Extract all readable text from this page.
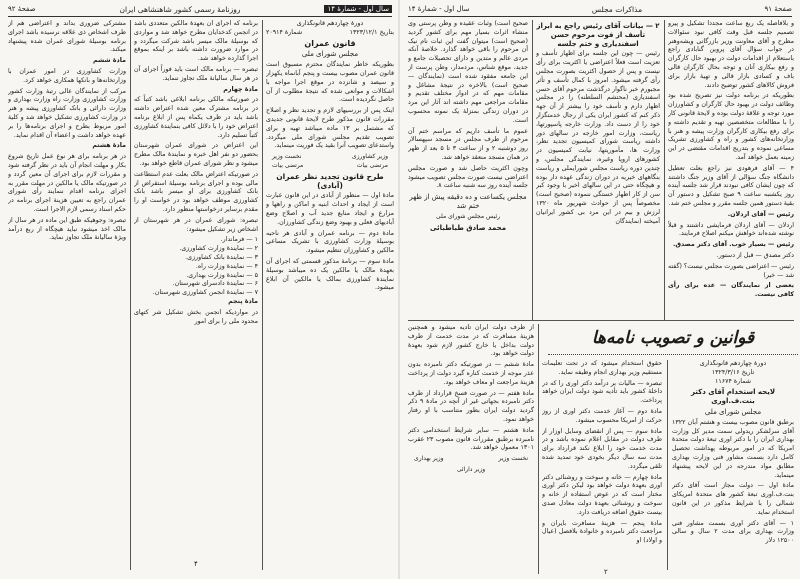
سال اول - شمارهٔ ۱۴
روزنامهٔ رسمی کشور شاهنشاهی ایران
صفحهٔ ۹۲
دورهٔ چهاردهم قانونگذاری
بتاریخ ۱۳۲۳/۱۲/۱
شمارهٔ ۲۰۹۱۴
قانون عمران
مجلس شورای ملی

بطوریکه خاطر نمایندگان محترم مسبوق است قانون عمران مصوب بیست و پنجم آبانماه یکهزار و سیصد و شانزده در موقع اجرا مواجه با اشکالات و موانعی شده که نتیجهٔ مطلوب از آن حاصل نگردیده است.

اینک پس از بررسیهای لازم و تجدید نظر و اصلاح مقررات قانون مذکور طرح لایحهٔ قانونی جدیدی که مشتمل بر ۱۳ ماده میباشد تهیه و برای تصویب تقدیم مجلس شورای ملی میگردد. واستدعای تصویب آنرا بقید یک فوریت مینماید.

وزیر کشاورزی
نخست وزیر
مرتضی بیات
مرتضی بیات
طرح قانون تجدید نظر عمران (آبادی)

مادهٔ اول — منظور از آبادی در این قانون عبارت است از ایجاد و احداث ابنیه و اماکن و راهها و مزارع و ایجاد منابع جدید آب و اصلاح وضع آبادیهای فعلی و بهبود وضع زندگی کشاورزان.

مادهٔ دوم — برنامه عمران و آبادی هر ناحیه بوسیلهٔ وزارت کشاورزی با تشریک مساعی مالکین و کشاورزان تنظیم میشود.

مادهٔ سوم — برنامهٔ مذکور قسمتی که اجرای آن بعهدهٔ مالک یا مالکین یک ده میباشد بوسیلهٔ نمایندهٔ کشاورزی بمالک یا مالکین آن ابلاغ میشود.

برنامه که اجرای آن بعهدهٔ مالکین متعددی باشد در انجمن کدخدایان مطرح خواهد شد و مواردی که بوسیلهٔ مالک میسر باشد شرکت میگردد و در موارد ضرورت داشته باشد بر اینکه بموقع اجرا گذارده خواهد شد.

تبصره — برنامه مالک است باید فوراً اجرای آن در هر سال سالیانهٔ ملک تجاوز ننماید.

مادهٔ چهارم

در صورتیکه مالکی برنامه ابلاغی باشد کتباً که در برنامه مشترک معین شده اعتراض داشته باشد باید در ظرف یکماه پس از ابلاغ برنامه اعتراض خود را با دلائل کافی بنمایندهٔ کشاورزی کتباً تسلیم دارد.

این اعتراض در شورای عمران شهرستان بحضور دو نفر اهل خبره و نمایندهٔ مالک مطرح میشود و نظر شورای عمران قاطع خواهد بود.

در صورتیکه اعتراض مالک بعلت عدم استطاعت مالی بوده و اجرای برنامه بوسیلهٔ استقراض از بانک کشاورزی برای او میسر باشد بانک کشاورزی موظف خواهد بود در خواست او را مقدم برسایر درخواستها منظور دارد.

تبصره: شورای عمران در هر شهرستان از اشخاص زیر تشکیل میشود:

۱ — فرماندار.
۲ — نمایندهٔ وزارت کشاورزی.
۳ — نمایندهٔ بانک کشاورزی.
۴ — نمایندهٔ وزارت راه.
۵ — نمایندهٔ وزارت بهداری.
۶ — نمایندهٔ دادسرای شهرستان.
۷ — نمایندهٔ انجمن کشاورزی شهرستان.

مادهٔ پنجم

در مواردیکه انجمن بخش تشکیل شر کتهای محدود ملی را برای امور

۴

مشترکی ضروری بداند و اعتراضی هم از طرف اشخاص ذی علاقه نرسیده باشد اجرای برنامه بوسیلهٔ شورای عمران شده پیشنهاد میکند.

مادهٔ ششم

وزارت کشاورزی در امور عمران با وزارتخانه‌ها و بانکها همکاری خواهد کرد.

مرکب از نمایندگان عالی رتبهٔ وزارت کشور وزارت کشاورزی وزارت راه وزارت بهداری و وزارت دارائی و بانک کشاورزی پیشه و هنر در وزارت کشاورزی تشکیل خواهد شد و کلیهٔ امور مربوط بطرح و اجرای برنامه‌ها را بر عهده خواهد داشت و اعضاء آن اقدام نماید.

مادهٔ هشتم

در هر برنامه برای هر نوع عمل تاریخ شروع بکار و مهلت انجام آن باید در نظر گرفته شود و مقررات لازم برای اجرای آن معین گردد و در صورتیکه مالک یا مالکین در مهلت مقرر به اجرای برنامه اقدام ننمایند رأی شورای عمران راجع به تعیین هزینهٔ اجرای برنامه در حکم اسناد رسمی لازم الاجرا است.

تبصره: وجوهیکه طبق این ماده در هر سال از مالک اخذ میشود نباید هیچگاه از ربع درآمد ویژهٔ سالیانهٔ ملک تجاوز نماید.

صفحهٔ ۹۱
مذاکرات مجلس
سال اول - شمارهٔ ۱۴

و بلافاصله یک ربع ساعت مجدداً تشکیل و پیرو تصمیم جلسه قبل وقت کافی نبود سئوالات مطرح و آقای معاونت وزیر بازرگانی ویشه‌وهنر در جواب سؤال آقای پروین گنابادی راجع باستعلام از اقدامات دولت در بهبود حال کارگران و رفع بیکاری آنان و توجه بحال کارگران قالی باف و کسادی بازار قالی و تهیهٔ بازار برای فروش کالاهای کشور توضیح دادند.

بطوریکه در برنامه دولت نیز تصریح شده بود وظائف دولت در بهبود حال کارگران و کشاورزان مورد توجه و علاقهٔ دولت بوده و لایحهٔ قانونی کار را با مطالعات متخصصین تهیه و تقدیم داشته و برای رفع بیکاری کارگران وزارت پیشه و هنر با وزارتخانه‌های کشور و راه و کشاورزی تشریک مساعی نموده و بتدریج اقدامات مقتضی در این زمینه بعمل خواهد آمد.

۴ — آقای فرهودی نیز راجع بعلت تعطیل دانشگاه جنگ سؤالی از آقای وزیر جنگ داشتند که چون ایشان کافی نبودند قرار شد جلسه آینده روز یکشنبه ساعت ۹ صبح تشکیل و دستور آن بقیهٔ دستور همین جلسه مقرر و مجلس ختم شد.

رئیس — آقای اردلان.

اردلان — آقای اردلان فرمایشی داشتند و قبلاً نوشته شده‌اند خواهش میکنم اصلاح فرمایند.

رئیس — بسیار خوب. آقای دکتر مصدق.

دکتر مصدق — قبل از دستور.

رئیس — اعتراضی بصورت مجلس نیست؟ (گفته شد — خیر)

بعضی از نمایندگان — عده برای رأی کافی نیست.

۲ — بیانات آقای رئیس راجع به ابراز تأسف از فوت مرحوم حسن اسفندیاری و ختم جلسه

رئیس — چون این جلسه برای اظهار تأسف و تعزیت است فعلاً اعتراضی یا اکثریت برای رأی نیست و پس از حصول اکثریت بصورت مجلس رأی گرفته میشود. امروز با کمال تأسف و تأثر مجبورم خبر ناگوار درگذشت مرحوم آقای حسن اسفندیاری (محتشم السلطنه) را در مجلس اظهار دارم و تأسف خود را بیشتر از آن جهة ذکر کنم که کشور ایران یکی از رجال خدمتگزار خود را از دست داد. وزارت خارجه پاسپورتها، ریاست، وزارت امور خارجه در سالهای دور داشته ریاست شورای کمیسیون تجدید نظر، وزارت ها، مأموریتها، نیابت کمیسیون در کشورهای اروپا وغیره، نمایندگی مجلس، و چندین دوره ریاست مجلس شورایملی و ریاست بنگاههای خیریه در دوران زندگی عهده دار بوده و هیچگاه حتی در این سالهای اخیر با وجود کبر سن از کار اظهار خستگی ننموده (صحیح است) مخصوصاً پس از حوادث شهریور ماه ۱۳۲۰ لرزش و بیم در این مرد بی کشور ایرانیان آمیخته (نمایندگان

صحیح است) وثبات عقیده و وطن پرستی وی منشاء اثرات بسیار مهم برای کشور گردید (صحیح است) میتوان گفت این ثبات نام نیک آن مرحوم را باقی خواهد گذارد. خلاصهٔ آنکه مردی عالم و متدین و دارای تحصیلات جامع و جدید، موقع شناس، مردمدار، وطن پرست از این جامعه مفقود شده است (نمایندگان — صحیح است) بالاخره در نتیجهٔ مشاغل و مقامات مهم که در ادوار مختلف تقدیم و مقامات مراجعی مهم داشته اند آثار این مرد در دوران زندگی بمنزلهٔ یک نمونه محسوب است.

عموم ما تأسف داریم که مراسم ختم آن مرحوم از طرف مجلس در مسجد سپهسالار روز دوشنبه ۲ و از ساعت ۳ تا ۵ بعد از ظهر در همان مسجد منعقد خواهد شد.

وچون اکثریت حاصل شد و صورت مجلس اعتراضی نیست صورت مجلس تصویب میشود جلسه آینده روز سه شنبه ساعت ۸.

مجلس یکساعت و ده دقیقه پیش از ظهر ختم شد
رئیس مجلس شورای ملی
محمد صادق طباطبائی

از طرف دولت ایران تأدیه میشود و همچنین هزینهٔ مسافرت که در مدت خدمت از طرف دولت بداخل یا خارج کشور لازم شود بعهدهٔ دولت خواهد بود.

مادهٔ ششم — در صورتیکه دکتر نامبرده بدون عذر موجه از خدمت کناره گیرد دولت از پرداخت هزینهٔ مراجعت او معاف خواهد بود.

مادهٔ هفتم — در صورت فسخ قرارداد از طرف دکتر نامبرده بجهاتی غیر از آنچه در مادهٔ ۹ ذکر گردید دولت ایران بطور متناسب با او رفتار خواهد نمود.

مادهٔ هشتم — سایر شرایط استخدامی دکتر نامبرده برطبق مقررات قانون مصوب ۲۳ عقرب ۱۳۰۱ معمول خواهد شد.

نخست وزیر
وزیر بهداری
وزیر دارائی
قوانین و تصویب نامه‌ها

حقوق استخدام میشود که در تحت تعلیمات مستقیم وزیر بهداری انجام وظیفه نماید.

تبصره — مالیات بر درآمد دکتر اوری را که در داخلهٔ کشور باید تأدیه شود دولت ایران خواهد پرداخت.

مادهٔ دوم — آغاز خدمت دکتر اوری از روز حرکت از امریکا محسوب میشود.

مادهٔ سوم — پس از انقضای وسایل اوزار از طرف دولت در مقابل اعلام نموده باشد و در مدت خدمت خود را ابلاغ نکند قرارداد برای مدت سه سال دیگر بخودی خود تمدید شده تلقی میگردد.

مادهٔ چهارم — خانه و سوخت و روشنائی دکتر اوری بعهدهٔ دولت خواهد بود لیکن دکتر اوری مختار است که در عوض استفاده از خانه و سوخت و روشنائی بعهدهٔ دولت معادل صدی بیست حقوق اضافه دریافت دارد.

مادهٔ پنجم — هزینهٔ مسافرت بایران و مراجعت دکتر نامبرده و خانوادهٔ بلافصل (عیال و اولاد) او

۲
دورهٔ چهاردهم قانونگذاری
تاریخ ۱۳۲۴/۳/۱۶
شمارهٔ ۱۱۶۷۴
لایحه استخدام آقای دکتر بنت.ف.اوری
مجلس شورای ملی

برطبق قانون مصوب بیست و هشتم آبان ۱۳۲۲ آقای سرلشکر ریدولی سمت مدیر کل وزارت بهداری ایران را با دکتر اوری تبعهٔ دولت متحدهٔ امریکا که در امور مربوطه پهداشت تحصیل کامل دارد بسمت مشاور فنی وزارت بهداری مطابق مواد مندرجه در این لایحه پیشنهاد مینماید.

مادهٔ اول — دولت مجاز است آقای دکتر بنت.ف.اوری تبعهٔ کشور های متحدهٔ امریکای شمالی را با شرایط مذکور در این قانون استخدام نماید.

۱ — آقای دکتر اوری بسمت مشاور فنی وزارت بهداری برای مدت ۲ سال و سالی ۱۲۵۰۰ دلار
